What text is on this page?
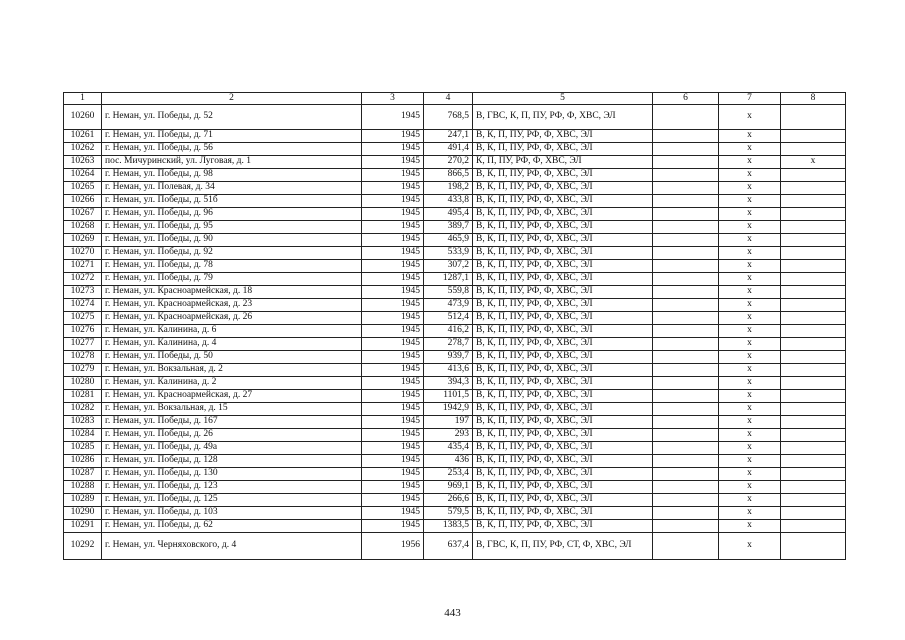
1	2	3	4	5	6	7	8
10260	г. Неман, ул. Победы, д. 52	1945	768,5	В, ГВС, К, П, ПУ, РФ, Ф, ХВС, ЭЛ		х	
10261	г. Неман, ул. Победы, д. 71	1945	247,1	В, К, П, ПУ, РФ, Ф, ХВС, ЭЛ		х	
10262	г. Неман, ул. Победы, д. 56	1945	491,4	В, К, П, ПУ, РФ, Ф, ХВС, ЭЛ		х	
10263	пос. Мичуринский, ул. Луговая, д. 1	1945	270,2	К, П, ПУ, РФ, Ф, ХВС, ЭЛ		х	х
10264	г. Неман, ул. Победы, д. 98	1945	866,5	В, К, П, ПУ, РФ, Ф, ХВС, ЭЛ		х	
10265	г. Неман, ул. Полевая, д. 34	1945	198,2	В, К, П, ПУ, РФ, Ф, ХВС, ЭЛ		х	
10266	г. Неман, ул. Победы, д. 51б	1945	433,8	В, К, П, ПУ, РФ, Ф, ХВС, ЭЛ		х	
10267	г. Неман, ул. Победы, д. 96	1945	495,4	В, К, П, ПУ, РФ, Ф, ХВС, ЭЛ		х	
10268	г. Неман, ул. Победы, д. 95	1945	389,7	В, К, П, ПУ, РФ, Ф, ХВС, ЭЛ		х	
10269	г. Неман, ул. Победы, д. 90	1945	465,9	В, К, П, ПУ, РФ, Ф, ХВС, ЭЛ		х	
10270	г. Неман, ул. Победы, д. 92	1945	533,9	В, К, П, ПУ, РФ, Ф, ХВС, ЭЛ		х	
10271	г. Неман, ул. Победы, д. 78	1945	307,2	В, К, П, ПУ, РФ, Ф, ХВС, ЭЛ		х	
10272	г. Неман, ул. Победы, д. 79	1945	1287,1	В, К, П, ПУ, РФ, Ф, ХВС, ЭЛ		х	
10273	г. Неман, ул. Красноармейская, д. 18	1945	559,8	В, К, П, ПУ, РФ, Ф, ХВС, ЭЛ		х	
10274	г. Неман, ул. Красноармейская, д. 23	1945	473,9	В, К, П, ПУ, РФ, Ф, ХВС, ЭЛ		х	
10275	г. Неман, ул. Красноармейская, д. 26	1945	512,4	В, К, П, ПУ, РФ, Ф, ХВС, ЭЛ		х	
10276	г. Неман, ул. Калинина, д. 6	1945	416,2	В, К, П, ПУ, РФ, Ф, ХВС, ЭЛ		х	
10277	г. Неман, ул. Калинина, д. 4	1945	278,7	В, К, П, ПУ, РФ, Ф, ХВС, ЭЛ		х	
10278	г. Неман, ул. Победы, д. 50	1945	939,7	В, К, П, ПУ, РФ, Ф, ХВС, ЭЛ		х	
10279	г. Неман, ул. Вокзальная, д. 2	1945	413,6	В, К, П, ПУ, РФ, Ф, ХВС, ЭЛ		х	
10280	г. Неман, ул. Калинина, д. 2	1945	394,3	В, К, П, ПУ, РФ, Ф, ХВС, ЭЛ		х	
10281	г. Неман, ул. Красноармейская, д. 27	1945	1101,5	В, К, П, ПУ, РФ, Ф, ХВС, ЭЛ		х	
10282	г. Неман, ул. Вокзальная, д. 15	1945	1942,9	В, К, П, ПУ, РФ, Ф, ХВС, ЭЛ		х	
10283	г. Неман, ул. Победы, д. 167	1945	197	В, К, П, ПУ, РФ, Ф, ХВС, ЭЛ		х	
10284	г. Неман, ул. Победы, д. 26	1945	293	В, К, П, ПУ, РФ, Ф, ХВС, ЭЛ		х	
10285	г. Неман, ул. Победы, д. 49а	1945	435,4	В, К, П, ПУ, РФ, Ф, ХВС, ЭЛ		х	
10286	г. Неман, ул. Победы, д. 128	1945	436	В, К, П, ПУ, РФ, Ф, ХВС, ЭЛ		х	
10287	г. Неман, ул. Победы, д. 130	1945	253,4	В, К, П, ПУ, РФ, Ф, ХВС, ЭЛ		х	
10288	г. Неман, ул. Победы, д. 123	1945	969,1	В, К, П, ПУ, РФ, Ф, ХВС, ЭЛ		х	
10289	г. Неман, ул. Победы, д. 125	1945	266,6	В, К, П, ПУ, РФ, Ф, ХВС, ЭЛ		х	
10290	г. Неман, ул. Победы, д. 103	1945	579,5	В, К, П, ПУ, РФ, Ф, ХВС, ЭЛ		х	
10291	г. Неман, ул. Победы, д. 62	1945	1383,5	В, К, П, ПУ, РФ, Ф, ХВС, ЭЛ		х	
10292	г. Неман, ул. Черняховского, д. 4	1956	637,4	В, ГВС, К, П, ПУ, РФ, СТ, Ф, ХВС, ЭЛ		х	
443
